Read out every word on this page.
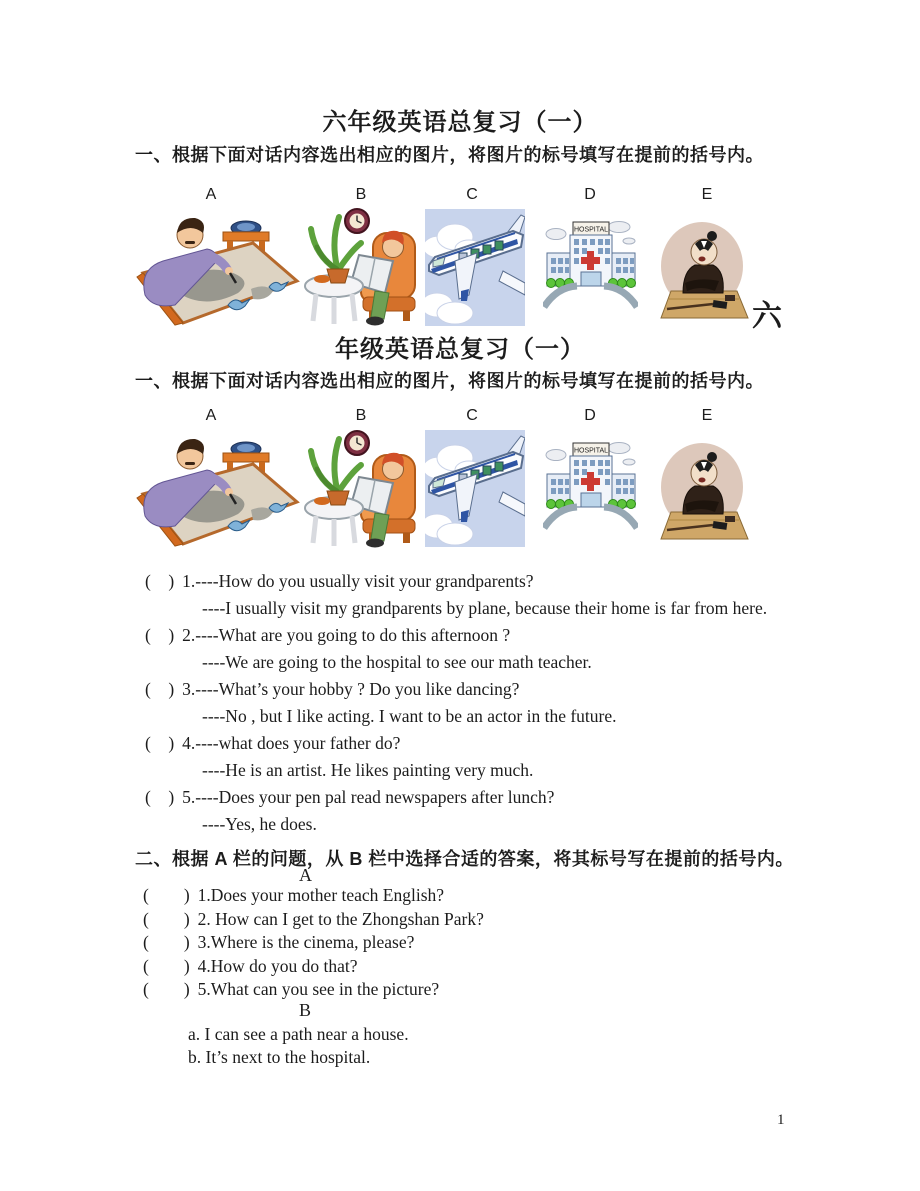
六年级英语总复习（一）
一、根据下面对话内容选出相应的图片，将图片的标号填写在提前的括号内。
A	B	C	D	E
六
年级英语总复习（一）
一、根据下面对话内容选出相应的图片，将图片的标号填写在提前的括号内。
A	B	C	D	E
(　) 1.----How do you usually visit your grandparents?
----I usually visit my grandparents by plane, because their home is far from here.
(　) 2.----What are you going to do this afternoon ?
----We are going to the hospital to see our math teacher.
(　) 3.----What’s your hobby ? Do you like dancing?
----No , but I like acting. I want to be an actor in the future.
(　) 4.----what does your father do?
----He is an artist. He likes painting very much.
(　) 5.----Does your pen pal read newspapers after lunch?
----Yes, he does.
二、根据 A 栏的问题，从 B 栏中选择合适的答案，将其标号写在提前的括号内。
A
(　　) 1.Does your mother teach English?
(　　) 2. How can I get to the Zhongshan Park?
(　　) 3.Where is the cinema, please?
(　　) 4.How do you do that?
(　　) 5.What can you see in the picture?
B
a. I can see a path near a house.
b. It’s next to the hospital.
1
